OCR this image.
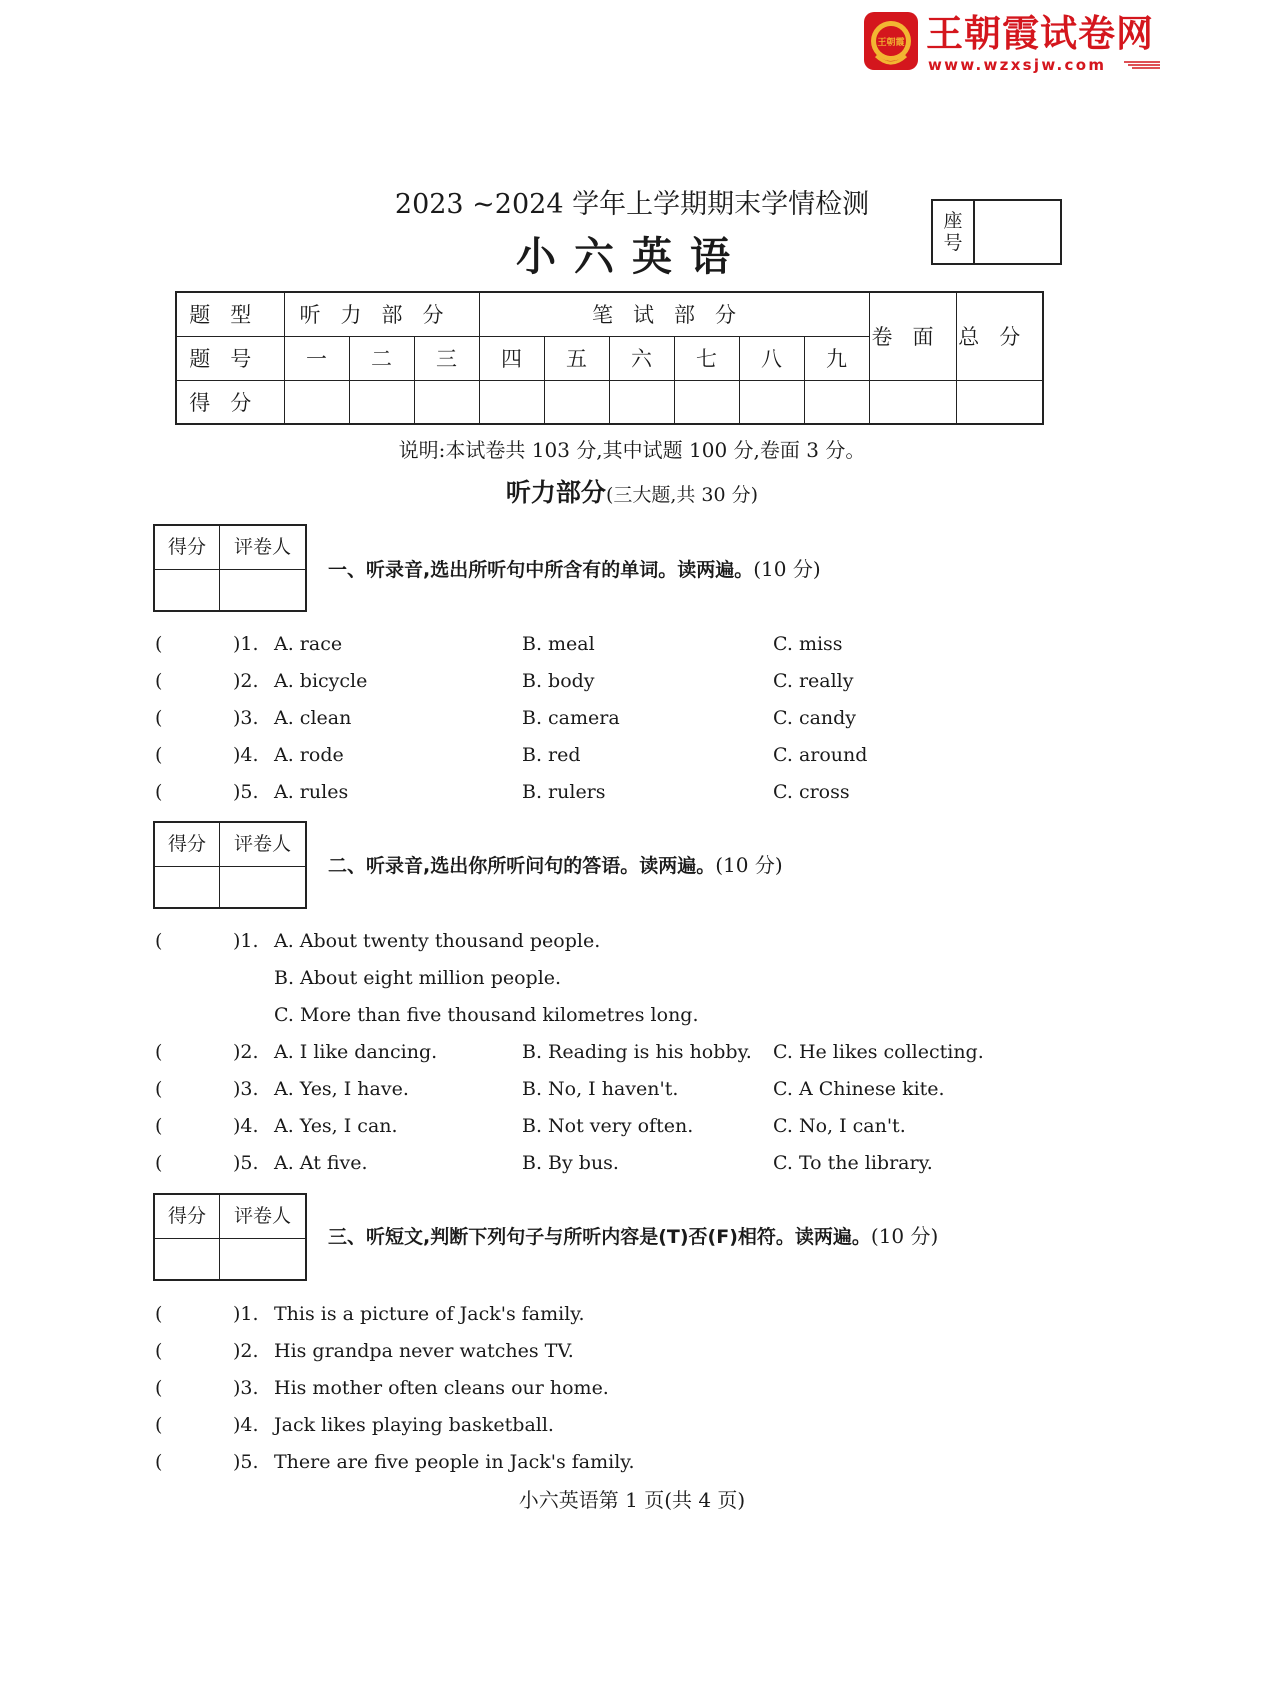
王朝霞 王朝霞试卷网
www.wzxsjw.com
2023 ~2024 学年上学期期末学情检测
小六英语
座
号
题型	听力部分			笔试部分						卷面	总分
题号	一	二	三	四	五	六	七	八	九		
得分											
说明:本试卷共 103 分,其中试题 100 分,卷面 3 分。
听力部分(三大题,共 30 分)
得分	评卷人
一、听录音,选出所听句中所含有的单词。读两遍。(10 分)
(	)1. A. race	B. meal	C. miss
(	)2. A. bicycle	B. body	C. really
(	)3. A. clean	B. camera	C. candy
(	)4. A. rode	B. red	C. around
(	)5. A. rules	B. rulers	C. cross
得分	评卷人
二、听录音,选出你所听问句的答语。读两遍。(10 分)
(	)1. A. About twenty thousand people.
B. About eight million people.
C. More than five thousand kilometres long.
(	)2. A. I like dancing.	B. Reading is his hobby. C. He likes collecting.
(	)3. A. Yes, I have.	B. No, I haven't.	C. A Chinese kite.
(	)4. A. Yes, I can.	B. Not very often.	C. No, I can't.
(	)5. A. At five.	B. By bus.	C. To the library.
得分	评卷人
三、听短文,判断下列句子与所听内容是(T)否(F)相符。读两遍。(10 分)
(	)1. This is a picture of Jack's family.
(	)2. His grandpa never watches TV.
(	)3. His mother often cleans our home.
(	)4. Jack likes playing basketball.
(	)5. There are five people in Jack's family.
小六英语第 1 页(共 4 页)
